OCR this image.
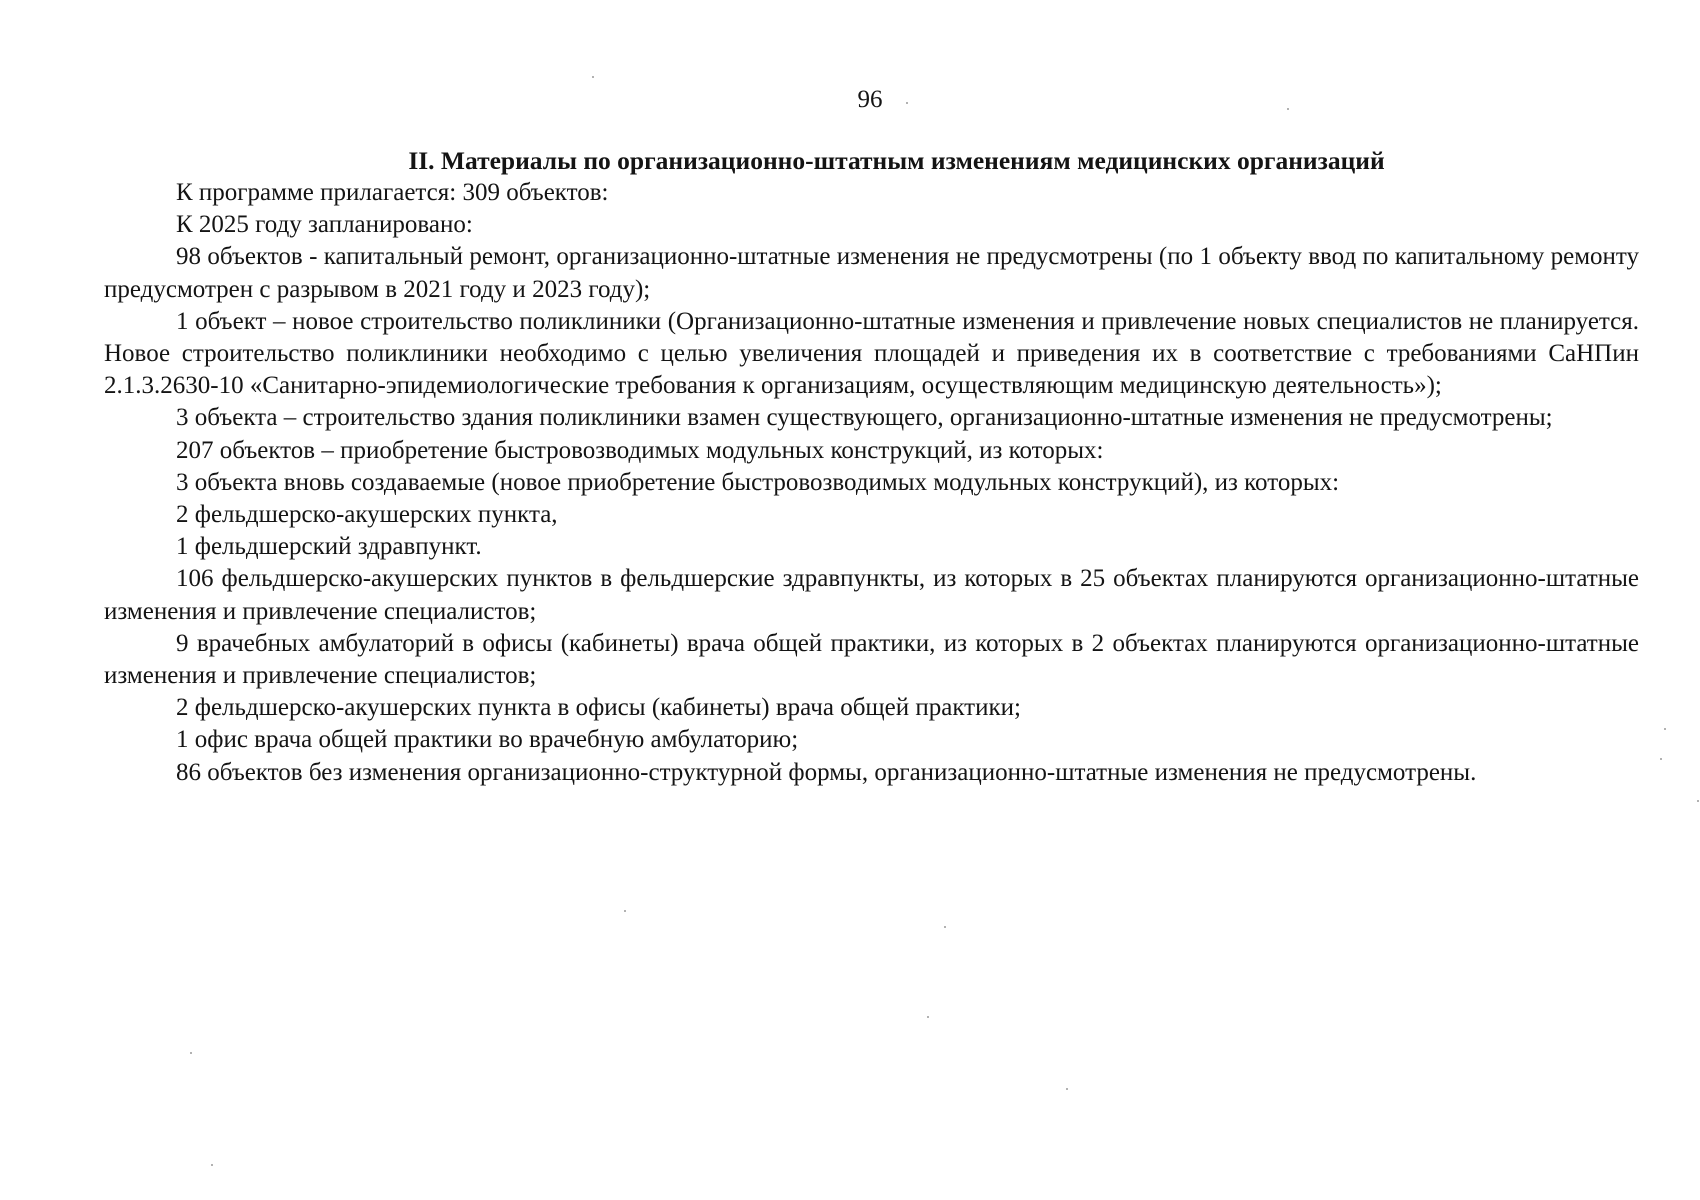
96

II. Материалы по организационно-штатным изменениям медицинских организаций

К программе прилагается: 309 объектов:

К 2025 году запланировано:

98 объектов - капитальный ремонт, организационно-штатные изменения не предусмотрены (по 1 объекту ввод по капитальному ремонту предусмотрен с разрывом в 2021 году и 2023 году);

1 объект – новое строительство поликлиники (Организационно-штатные изменения и привлечение новых специалистов не планируется. Новое строительство поликлиники необходимо с целью увеличения площадей и приведения их в соответствие с требованиями СаНПин 2.1.3.2630-10 «Санитарно-эпидемиологические требования к организациям, осуществляющим медицинскую деятельность»);

3 объекта – строительство здания поликлиники взамен существующего, организационно-штатные изменения не предусмотрены;

207 объектов – приобретение быстровозводимых модульных конструкций, из которых:

3 объекта вновь создаваемые (новое приобретение быстровозводимых модульных конструкций), из которых:

2 фельдшерско-акушерских пункта,

1 фельдшерский здравпункт.

106 фельдшерско-акушерских пунктов в фельдшерские здравпункты, из которых в 25 объектах планируются организационно-штатные изменения и привлечение специалистов;

9 врачебных амбулаторий в офисы (кабинеты) врача общей практики, из которых в 2 объектах планируются организационно-штатные изменения и привлечение специалистов;

2 фельдшерско-акушерских пункта в офисы (кабинеты) врача общей практики;

1 офис врача общей практики во врачебную амбулаторию;

86 объектов без изменения организационно-структурной формы, организационно-штатные изменения не предусмотрены.
